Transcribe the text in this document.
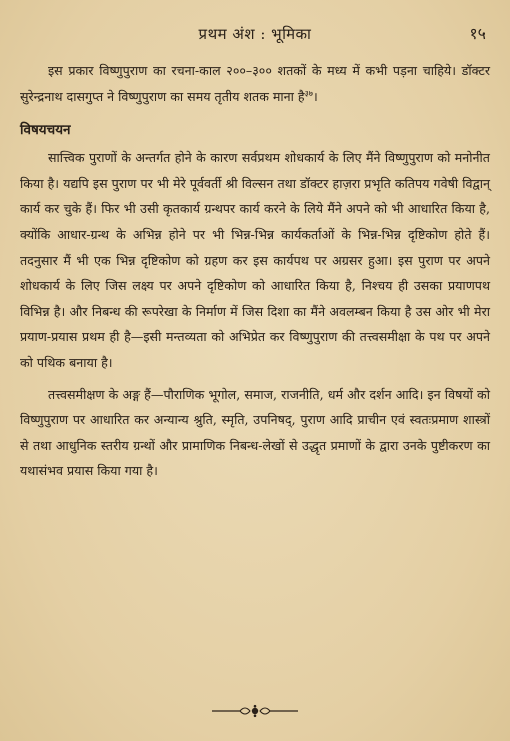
प्रथम अंश : भूमिका	१५

इस प्रकार विष्णुपुराण का रचना-काल २००–३०० शतकों के मध्य में कभी पड़ना चाहिये। डॉक्टर सुरेन्द्रनाथ दासगुप्त ने विष्णुपुराण का समय तृतीय शतक माना है$^{३७}$।

विषयचयन

सात्त्विक पुराणों के अन्तर्गत होने के कारण सर्वप्रथम शोधकार्य के लिए मैंने विष्णुपुराण को मनोनीत किया है। यद्यपि इस पुराण पर भी मेरे पूर्ववर्ती श्री विल्सन तथा डॉक्टर हाज़रा प्रभृति कतिपय गवेषी विद्वान् कार्य कर चुके हैं। फिर भी उसी कृतकार्य ग्रन्थपर कार्य करने के लिये मैंने अपने को भी आधारित किया है, क्योंकि आधार-ग्रन्थ के अभिन्न होने पर भी भिन्न-भिन्न कार्यकर्ताओं के भिन्न-भिन्न दृष्टिकोण होते हैं। तदनुसार मैं भी एक भिन्न दृष्टिकोण को ग्रहण कर इस कार्यपथ पर अग्रसर हुआ। इस पुराण पर अपने शोधकार्य के लिए जिस लक्ष्य पर अपने दृष्टिकोण को आधारित किया है, निश्चय ही उसका प्रयाणपथ विभिन्न है। और निबन्ध की रूपरेखा के निर्माण में जिस दिशा का मैंने अवलम्बन किया है उस ओर भी मेरा प्रयाण-प्रयास प्रथम ही है—इसी मन्तव्यता को अभिप्रेत कर विष्णुपुराण की तत्त्वसमीक्षा के पथ पर अपने को पथिक बनाया है।

तत्त्वसमीक्षण के अङ्ग हैं—पौराणिक भूगोल, समाज, राजनीति, धर्म और दर्शन आदि। इन विषयों को विष्णुपुराण पर आधारित कर अन्यान्य श्रुति, स्मृति, उपनिषद्, पुराण आदि प्राचीन एवं स्वतःप्रमाण शास्त्रों से तथा आधुनिक स्तरीय ग्रन्थों और प्रामाणिक निबन्ध-लेखों से उद्धृत प्रमाणों के द्वारा उनके पुष्टीकरण का यथासंभव प्रयास किया गया है।
